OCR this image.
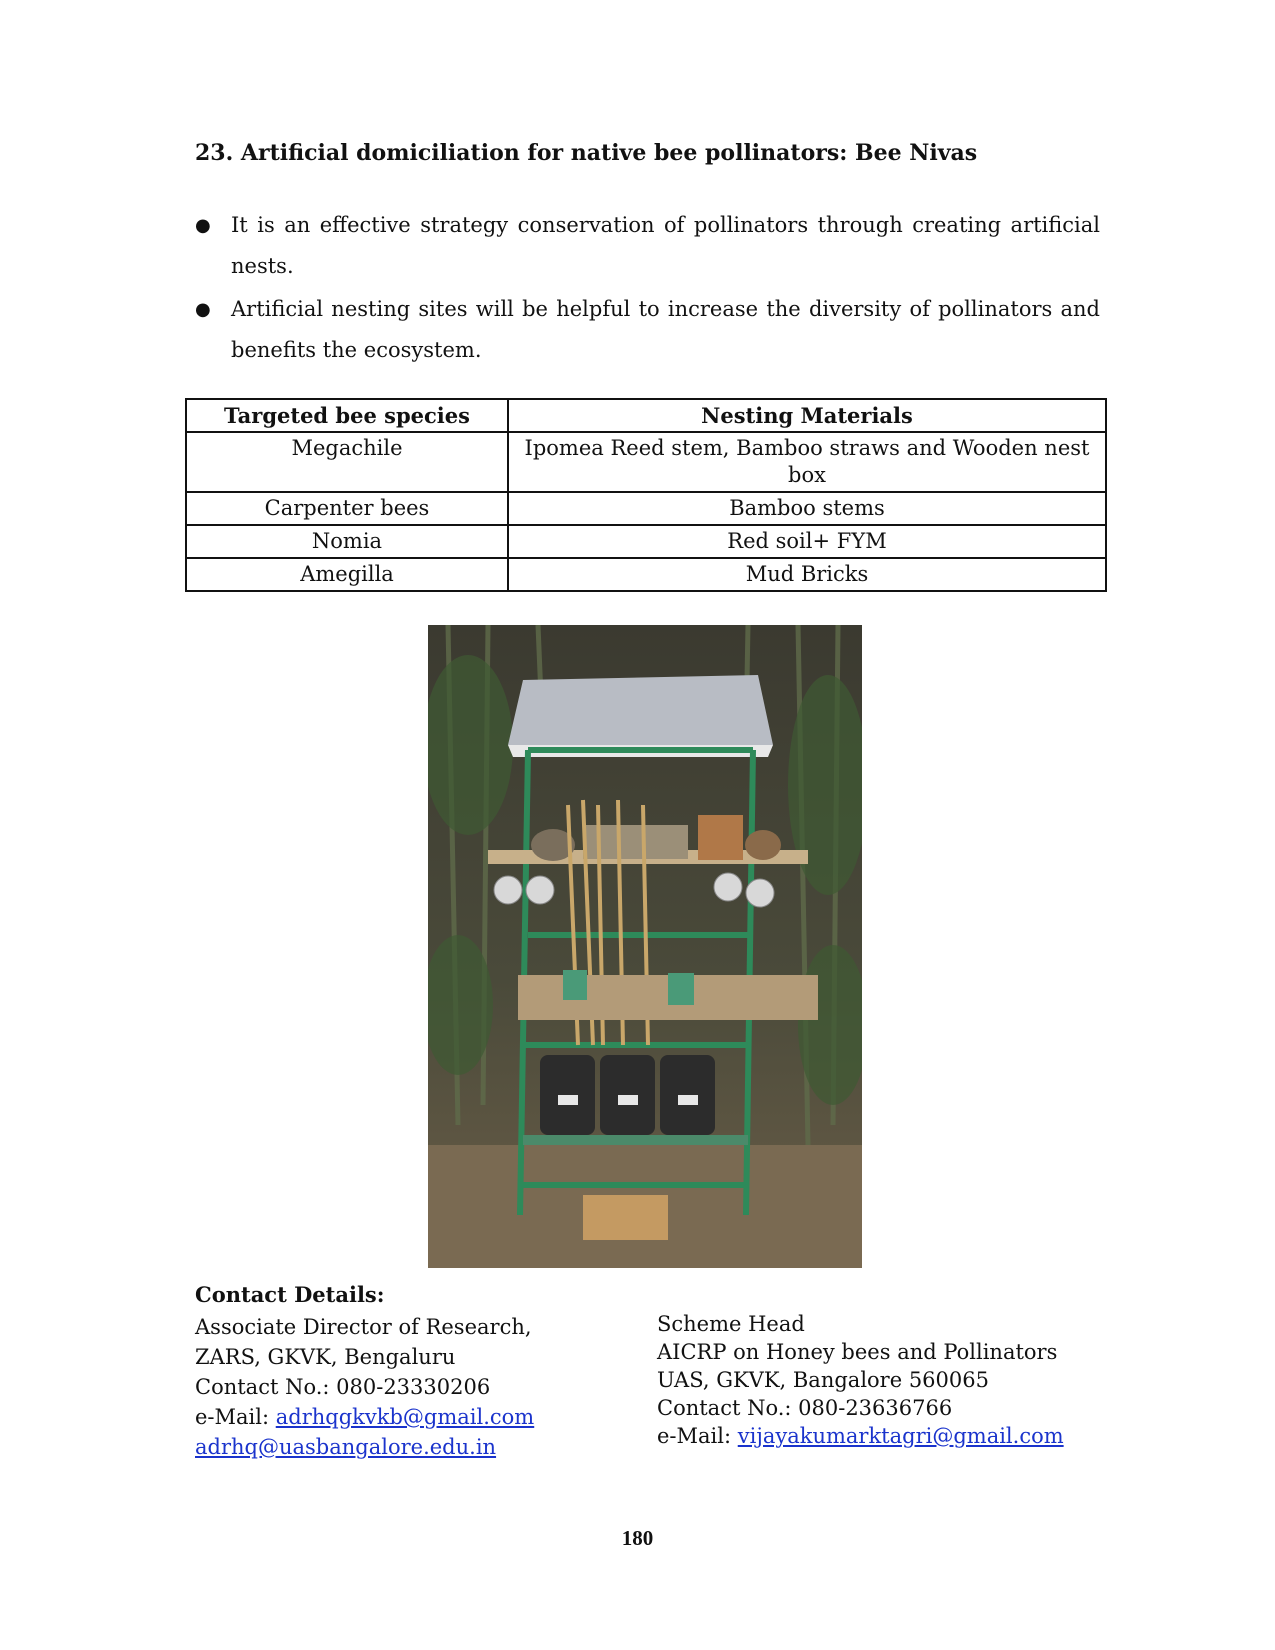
23. Artificial domiciliation for native bee pollinators: Bee Nivas
● It is an effective strategy conservation of pollinators through creating artificial nests.
● Artificial nesting sites will be helpful to increase the diversity of pollinators and benefits the ecosystem.
Targeted bee species	Nesting Materials
Megachile	Ipomea Reed stem, Bamboo straws and Wooden nest box
Carpenter bees	Bamboo stems
Nomia	Red soil+ FYM
Amegilla	Mud Bricks
Contact Details:
Associate Director of Research,
ZARS, GKVK, Bengaluru
Contact No.: 080-23330206
e-Mail: adrhqgkvkb@gmail.com
adrhq@uasbangalore.edu.in
Scheme Head
AICRP on Honey bees and Pollinators
UAS, GKVK, Bangalore 560065
Contact No.: 080-23636766
e-Mail: vijayakumarktagri@gmail.com
180
